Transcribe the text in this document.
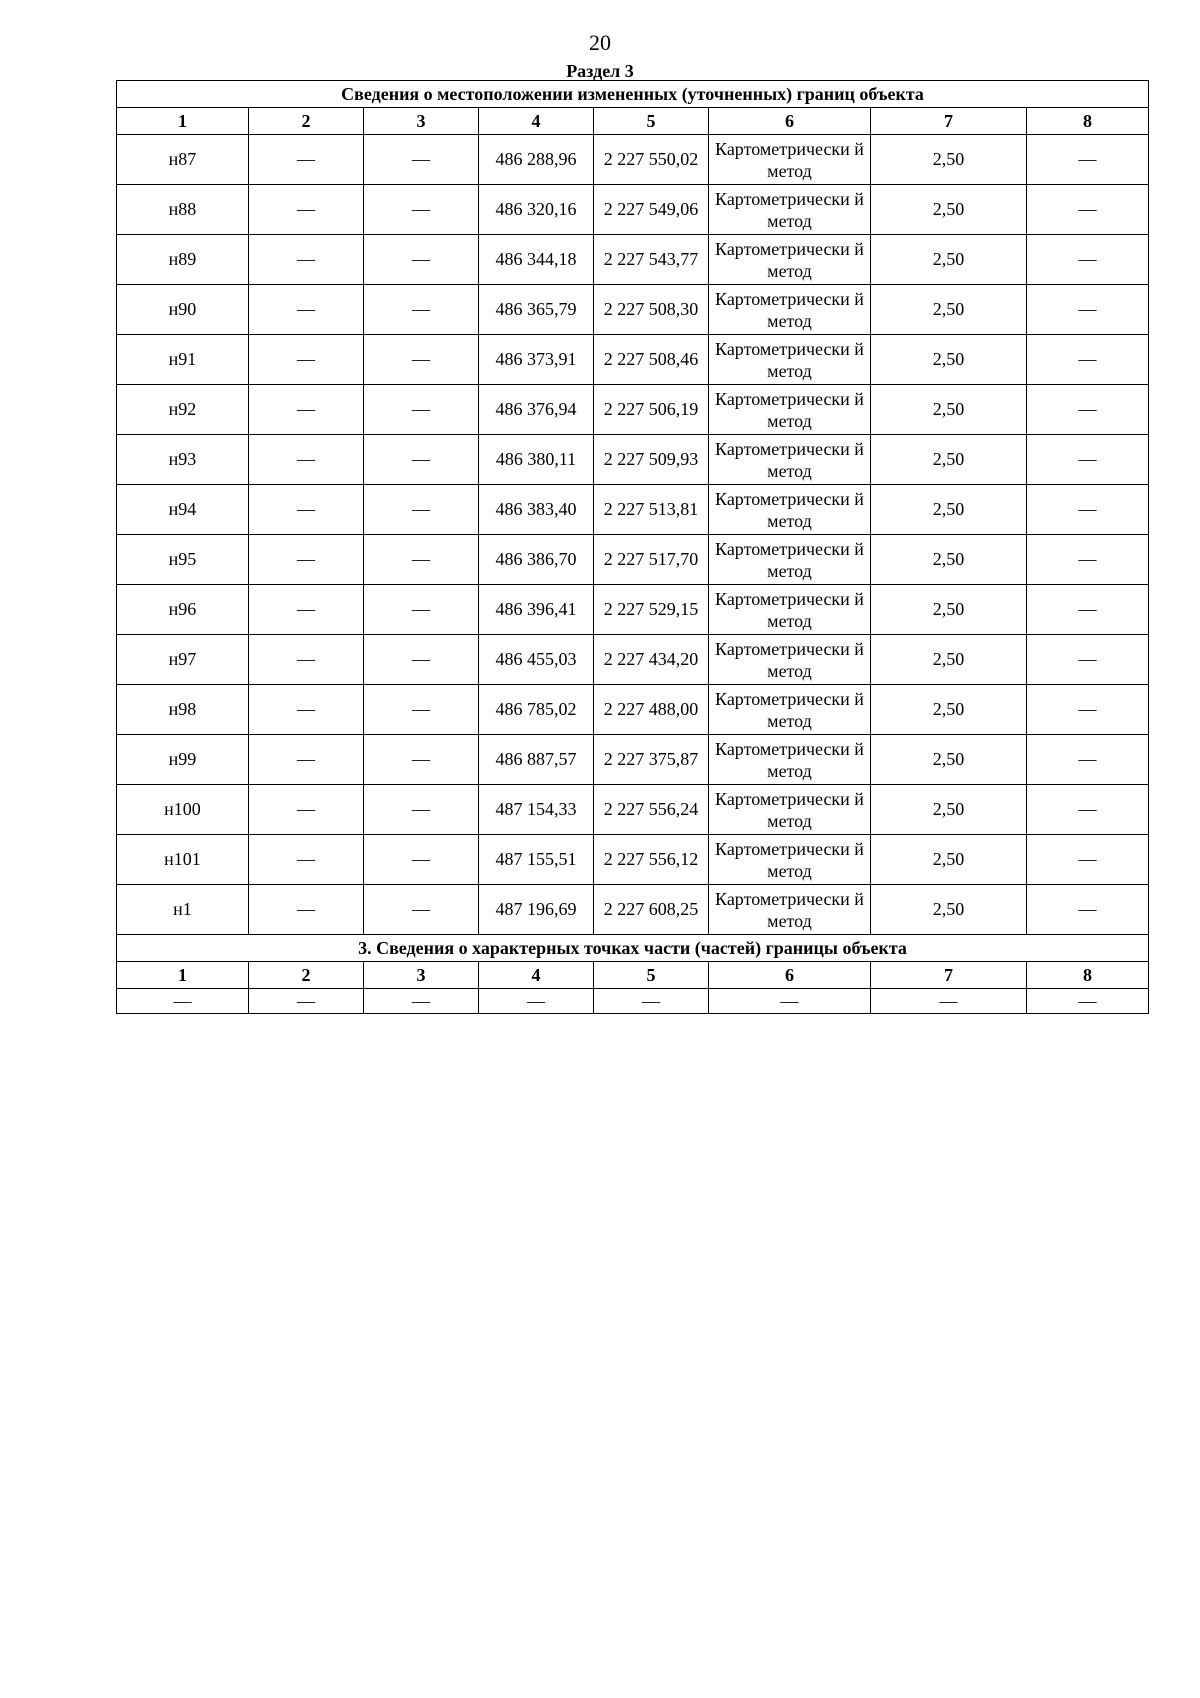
20
Раздел 3
Сведения о местоположении измененных (уточненных) границ объекта							
1	2	3	4	5	6	7	8
н87	—	—	486 288,96	2 227 550,02	Картометрически й метод	2,50	—
н88	—	—	486 320,16	2 227 549,06	Картометрически й метод	2,50	—
н89	—	—	486 344,18	2 227 543,77	Картометрически й метод	2,50	—
н90	—	—	486 365,79	2 227 508,30	Картометрически й метод	2,50	—
н91	—	—	486 373,91	2 227 508,46	Картометрически й метод	2,50	—
н92	—	—	486 376,94	2 227 506,19	Картометрически й метод	2,50	—
н93	—	—	486 380,11	2 227 509,93	Картометрически й метод	2,50	—
н94	—	—	486 383,40	2 227 513,81	Картометрически й метод	2,50	—
н95	—	—	486 386,70	2 227 517,70	Картометрически й метод	2,50	—
н96	—	—	486 396,41	2 227 529,15	Картометрически й метод	2,50	—
н97	—	—	486 455,03	2 227 434,20	Картометрически й метод	2,50	—
н98	—	—	486 785,02	2 227 488,00	Картометрически й метод	2,50	—
н99	—	—	486 887,57	2 227 375,87	Картометрически й метод	2,50	—
н100	—	—	487 154,33	2 227 556,24	Картометрически й метод	2,50	—
н101	—	—	487 155,51	2 227 556,12	Картометрически й метод	2,50	—
н1	—	—	487 196,69	2 227 608,25	Картометрически й метод	2,50	—
3. Сведения о характерных точках части (частей) границы объекта							
1	2	3	4	5	6	7	8
—	—	—	—	—	—	—	—
